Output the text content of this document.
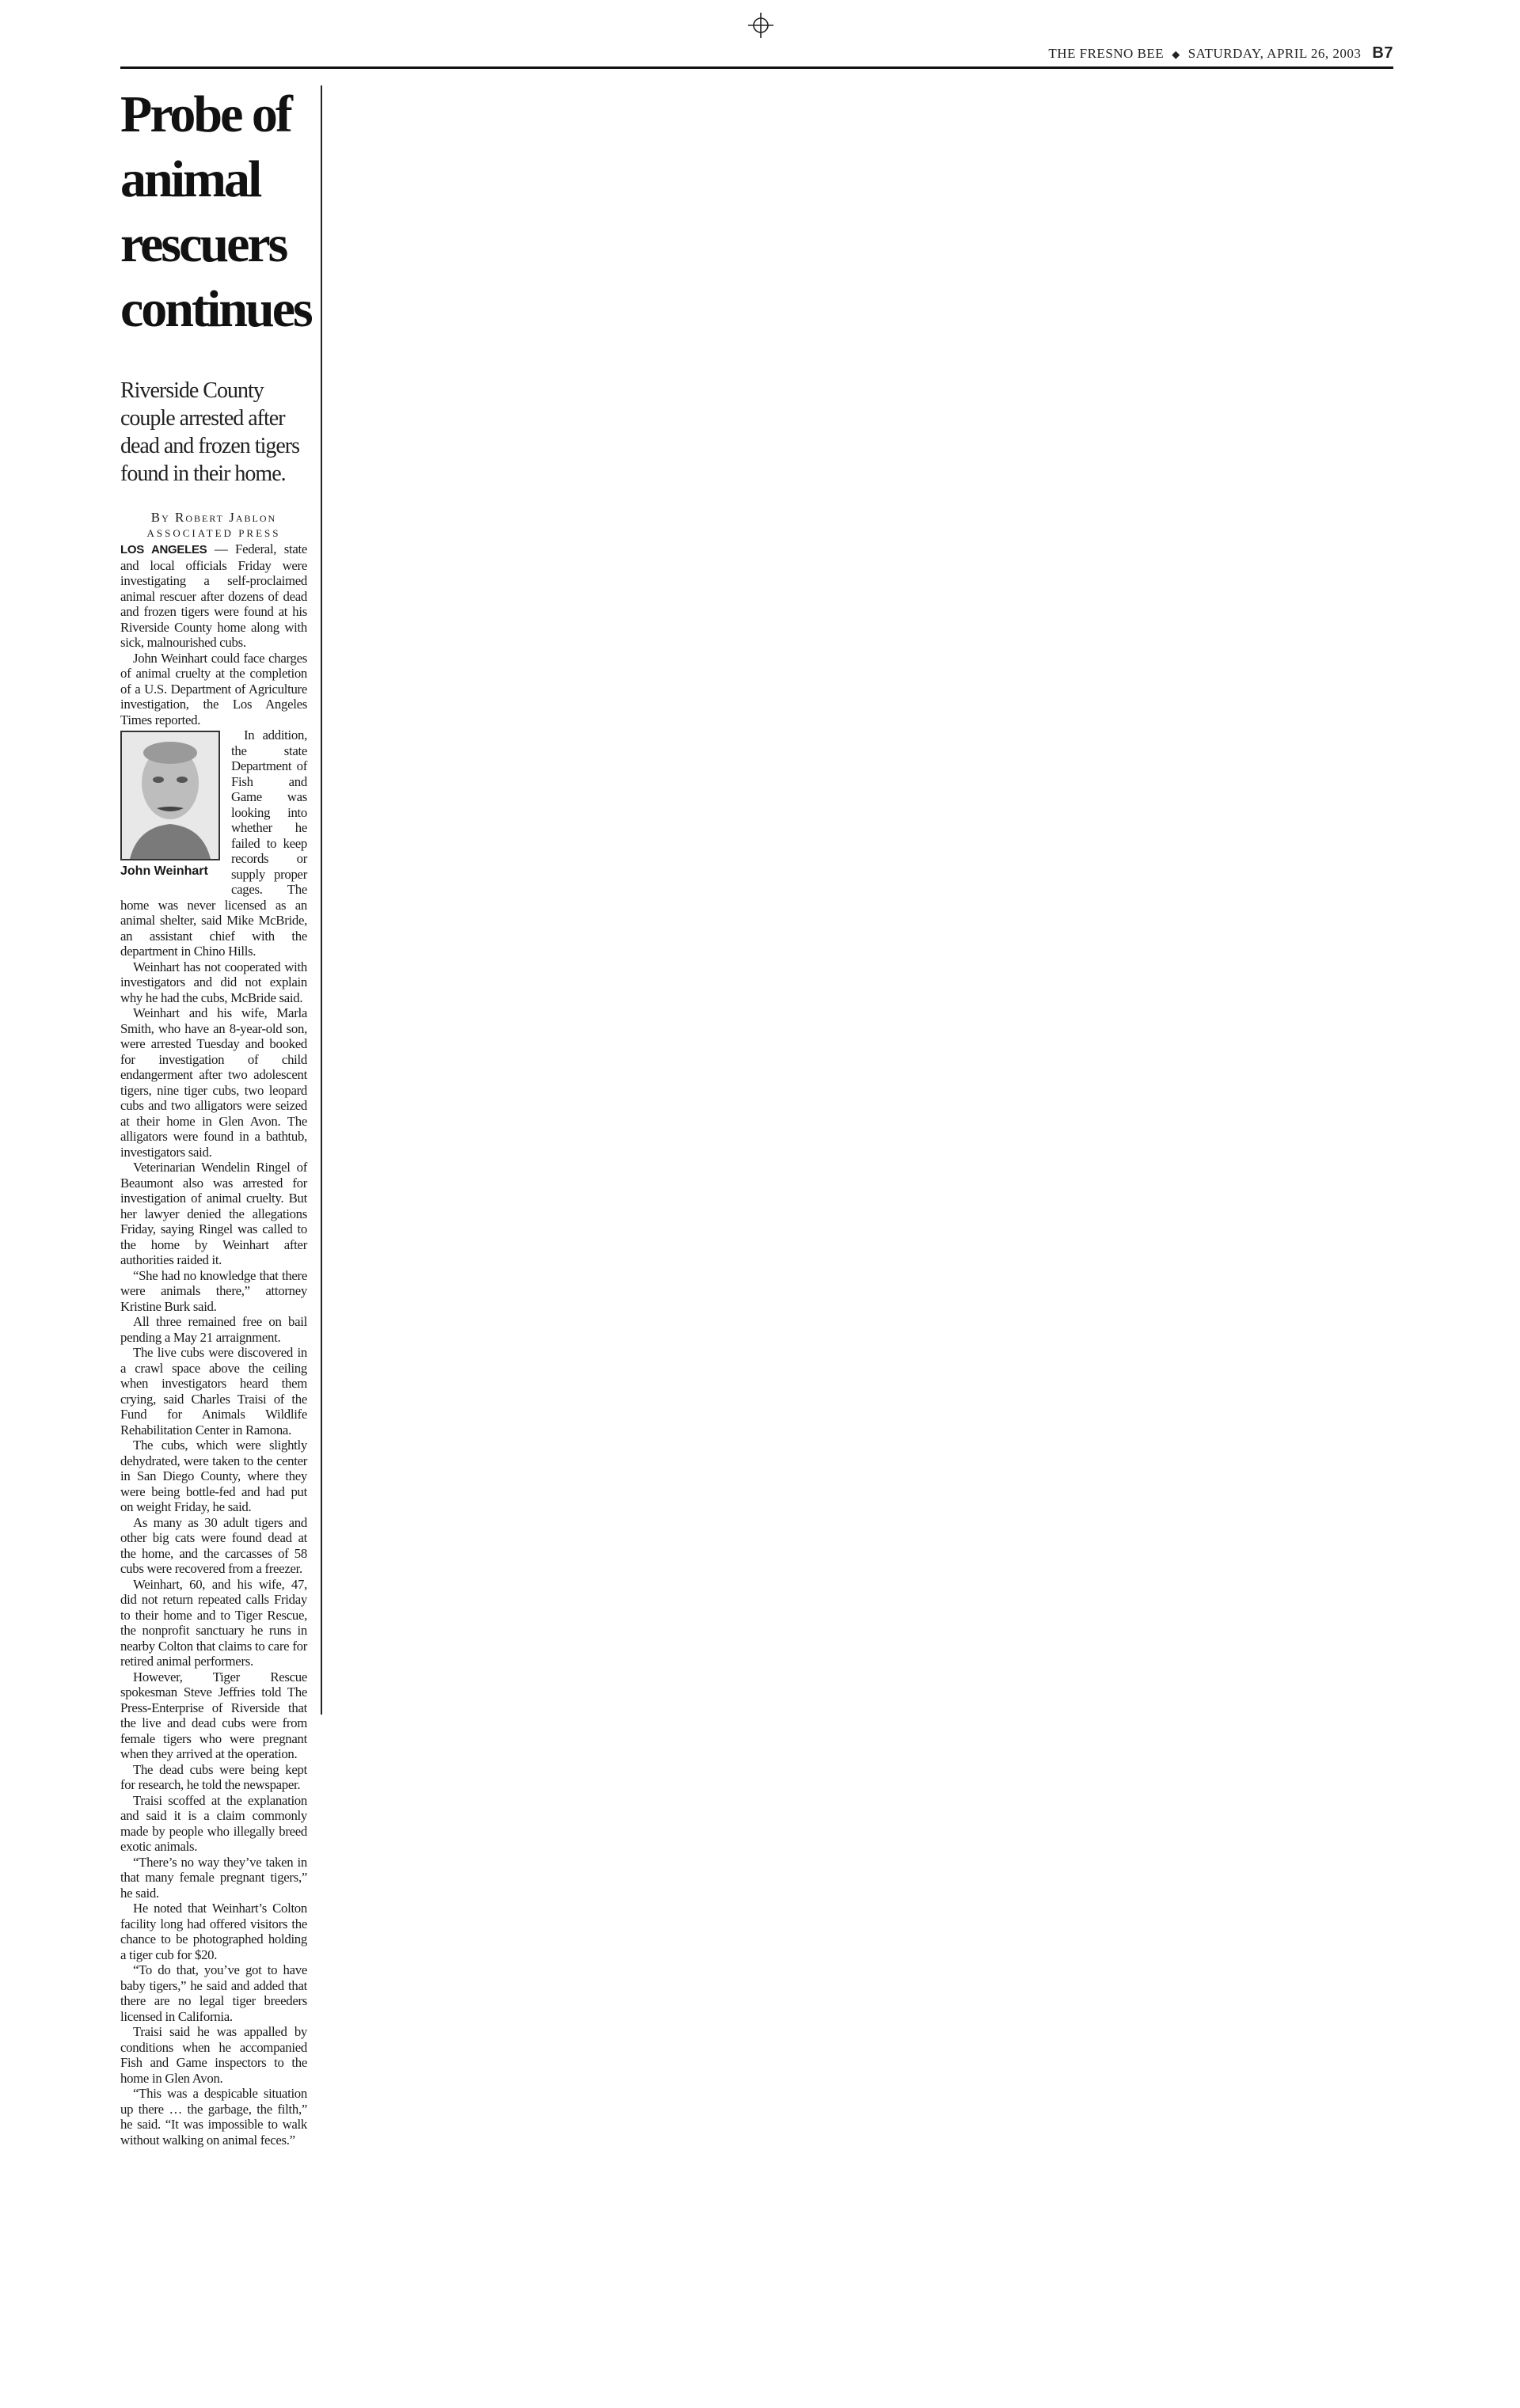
THE FRESNO BEE ◆ SATURDAY, APRIL 26, 2003 B7
Probe of animal rescuers continues
Riverside County couple arrested after dead and frozen tigers found in their home.
By Robert Jablon
ASSOCIATED PRESS

LOS ANGELES — Federal, state and local officials Friday were investigating a self-proclaimed animal rescuer after dozens of dead and frozen tigers were found at his Riverside County home along with sick, malnourished cubs.

John Weinhart could face charges of animal cruelty at the completion of a U.S. Department of Agriculture investigation, the Los Angeles Times reported.

John Weinhart

In addition, the state Department of Fish and Game was looking into whether he failed to keep records or supply proper cages. The home was never licensed as an animal shelter, said Mike McBride, an assistant chief with the department in Chino Hills.

Weinhart has not cooperated with investigators and did not explain why he had the cubs, McBride said.

Weinhart and his wife, Marla Smith, who have an 8-year-old son, were arrested Tuesday and booked for investigation of child endangerment after two adolescent tigers, nine tiger cubs, two leopard cubs and two alligators were seized at their home in Glen Avon. The alligators were found in a bathtub, investigators said.

Veterinarian Wendelin Ringel of Beaumont also was arrested for investigation of animal cruelty. But her lawyer denied the allegations Friday, saying Ringel was called to the home by Weinhart after authorities raided it.

“She had no knowledge that there were animals there,” attorney Kristine Burk said.

All three remained free on bail pending a May 21 arraignment.

The live cubs were discovered in a crawl space above the ceiling when investigators heard them crying, said Charles Traisi of the Fund for Animals Wildlife Rehabilitation Center in Ramona.

The cubs, which were slightly dehydrated, were taken to the center in San Diego County, where they were being bottle-fed and had put on weight Friday, he said.

As many as 30 adult tigers and other big cats were found dead at the home, and the carcasses of 58 cubs were recovered from a freezer.

Weinhart, 60, and his wife, 47, did not return repeated calls Friday to their home and to Tiger Rescue, the nonprofit sanctuary he runs in nearby Colton that claims to care for retired animal performers.

However, Tiger Rescue spokesman Steve Jeffries told The Press-Enterprise of Riverside that the live and dead cubs were from female tigers who were pregnant when they arrived at the operation.

The dead cubs were being kept for research, he told the newspaper.

Traisi scoffed at the explanation and said it is a claim commonly made by people who illegally breed exotic animals.

“There’s no way they’ve taken in that many female pregnant tigers,” he said.

He noted that Weinhart’s Colton facility long had offered visitors the chance to be photographed holding a tiger cub for $20.

“To do that, you’ve got to have baby tigers,” he said and added that there are no legal tiger breeders licensed in California.

Traisi said he was appalled by conditions when he accompanied Fish and Game inspectors to the home in Glen Avon.

“This was a despicable situation up there … the garbage, the filth,” he said. “It was impossible to walk without walking on animal feces.”
